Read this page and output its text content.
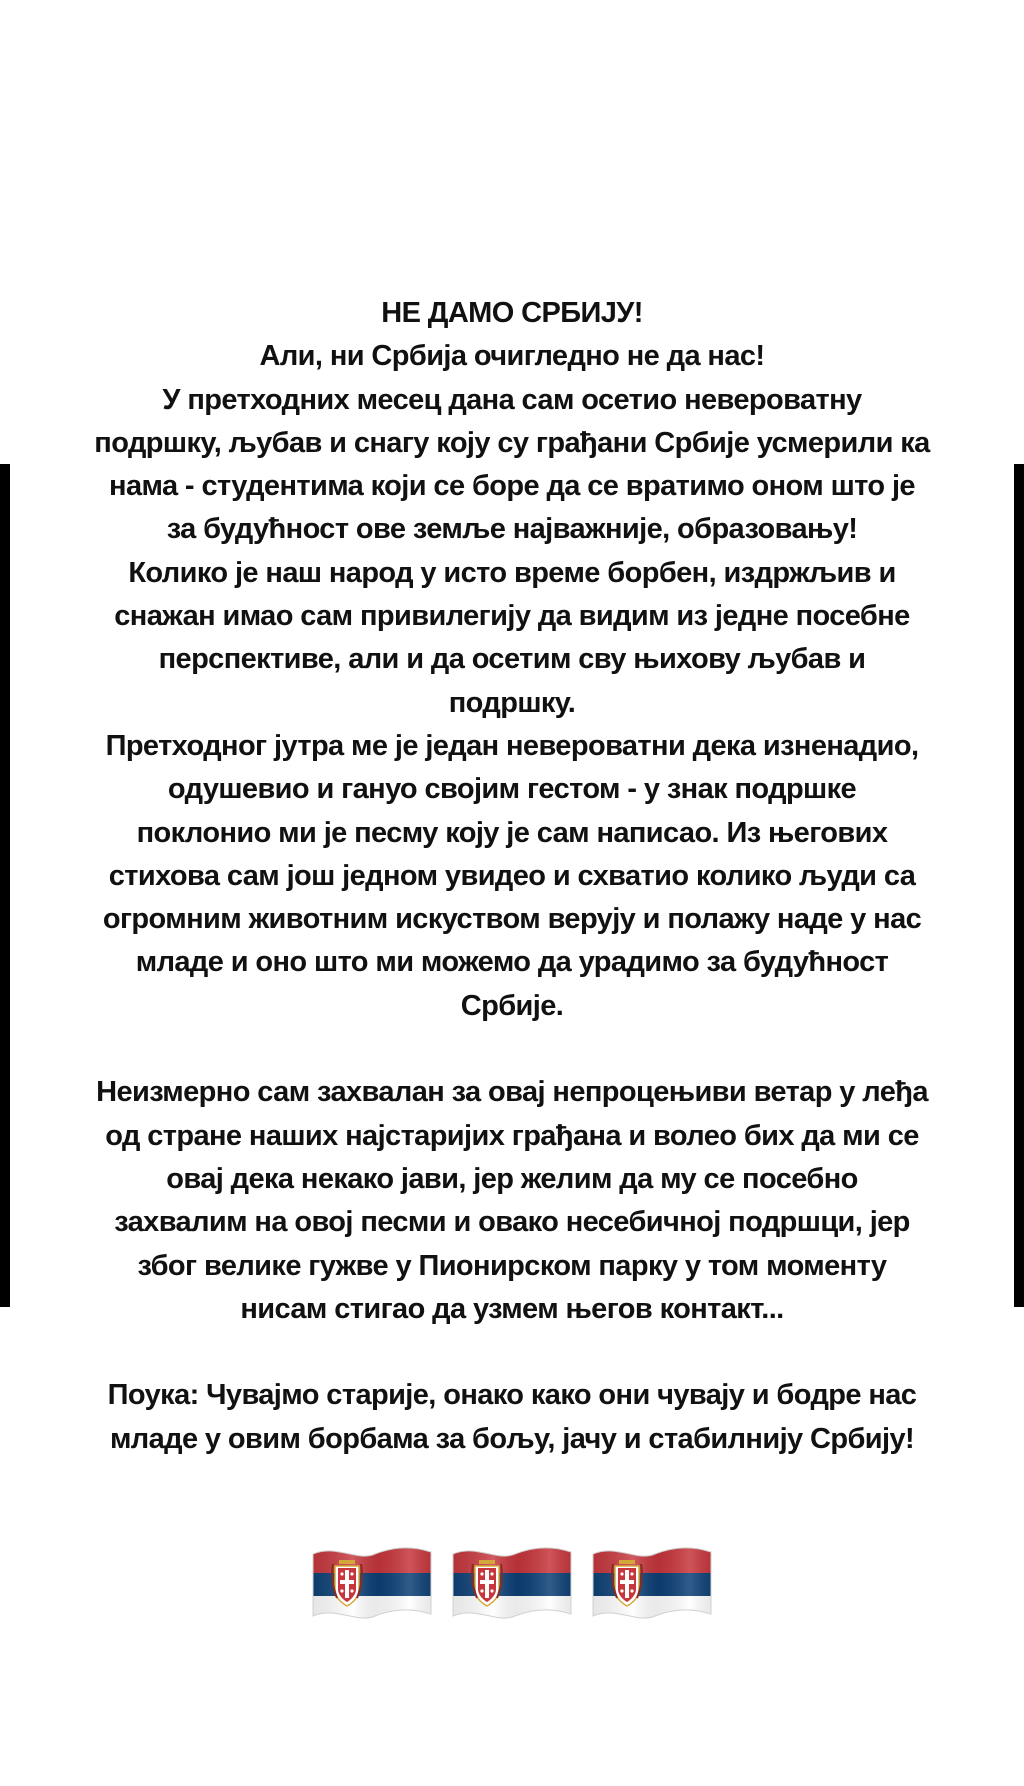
НЕ ДАМО СРБИЈУ!
Али, ни Србија очигледно не да нас!
У претходних месец дана сам осетио невероватну
подршку, љубав и снагу коју су грађани Србије усмерили ка
нама - студентима који се боре да се вратимо оном што је
за будућност ове земље најважније, образовању!
Колико је наш народ у исто време борбен, издржљив и
снажан имао сам привилегију да видим из једне посебне
перспективе, али и да осетим сву њихову љубав и
подршку.
Претходног јутра ме је један невероватни дека изненадио,
одушевио и гануо својим гестом - у знак подршке
поклонио ми је песму коју је сам написао. Из његових
стихова сам још једном увидео и схватио колико људи са
огромним животним искуством верују и полажу наде у нас
младе и оно што ми можемо да урадимо за будућност
Србије.
Неизмерно сам захвалан за овај непроцењиви ветар у леђа
од стране наших најстаријих грађана и волео бих да ми се
овај дека некако јави, јер желим да му се посебно
захвалим на овој песми и овако несебичној подршци, јер
због велике гужве у Пионирском парку у том моменту
нисам стигао да узмем његов контакт...
Поука: Чувајмо старије, онако како они чувају и бодре нас
младе у овим борбама за бољу, јачу и стабилнију Србију!
